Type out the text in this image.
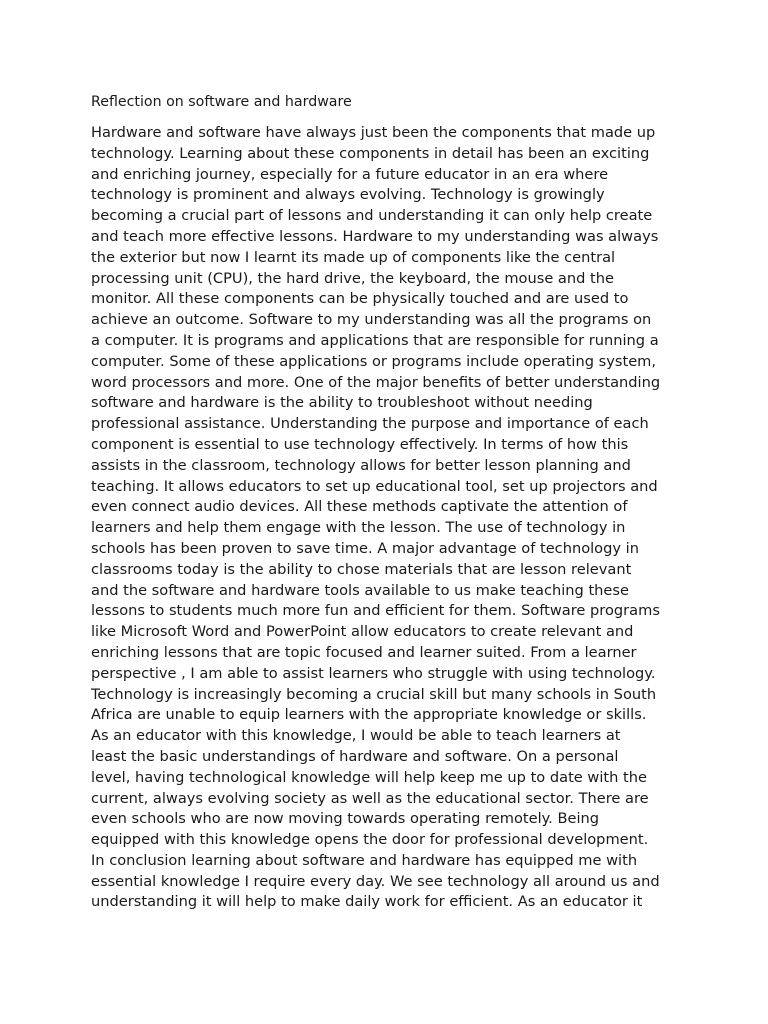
Reflection on software and hardware
Hardware and software have always just been the components that made up
technology. Learning about these components in detail has been an exciting
and enriching journey, especially for a future educator in an era where
technology is prominent and always evolving. Technology is growingly
becoming a crucial part of lessons and understanding it can only help create
and teach more effective lessons. Hardware to my understanding was always
the exterior but now I learnt its made up of components like the central
processing unit (CPU), the hard drive, the keyboard, the mouse and the
monitor. All these components can be physically touched and are used to
achieve an outcome. Software to my understanding was all the programs on
a computer. It is programs and applications that are responsible for running a
computer. Some of these applications or programs include operating system,
word processors and more. One of the major benefits of better understanding
software and hardware is the ability to troubleshoot without needing
professional assistance. Understanding the purpose and importance of each
component is essential to use technology effectively. In terms of how this
assists in the classroom, technology allows for better lesson planning and
teaching. It allows educators to set up educational tool, set up projectors and
even connect audio devices. All these methods captivate the attention of
learners and help them engage with the lesson. The use of technology in
schools has been proven to save time. A major advantage of technology in
classrooms today is the ability to chose materials that are lesson relevant
and the software and hardware tools available to us make teaching these
lessons to students much more fun and efficient for them. Software programs
like Microsoft Word and PowerPoint allow educators to create relevant and
enriching lessons that are topic focused and learner suited. From a learner
perspective , I am able to assist learners who struggle with using technology.
Technology is increasingly becoming a crucial skill but many schools in South
Africa are unable to equip learners with the appropriate knowledge or skills.
As an educator with this knowledge, I would be able to teach learners at
least the basic understandings of hardware and software. On a personal
level, having technological knowledge will help keep me up to date with the
current, always evolving society as well as the educational sector. There are
even schools who are now moving towards operating remotely. Being
equipped with this knowledge opens the door for professional development.
In conclusion learning about software and hardware has equipped me with
essential knowledge I require every day. We see technology all around us and
understanding it will help to make daily work for efficient. As an educator it
